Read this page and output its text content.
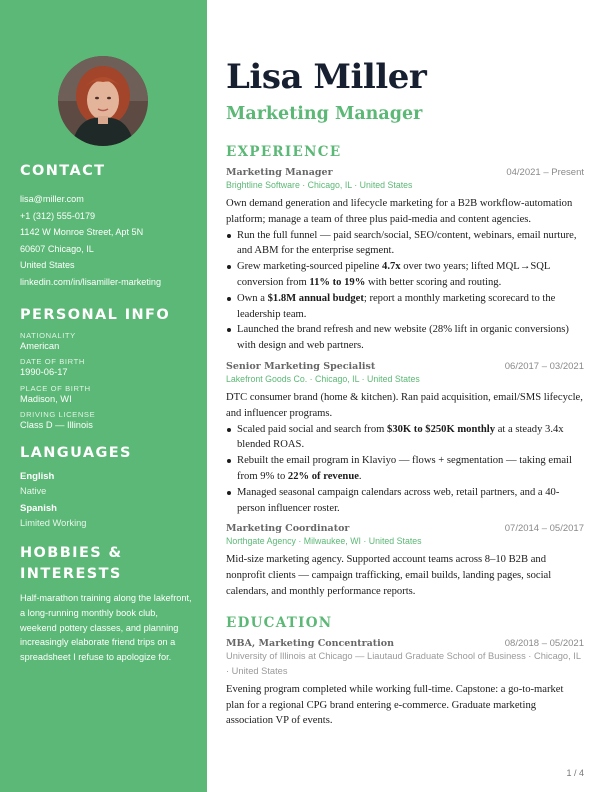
CONTACT
lisa@miller.com
+1 (312) 555-0179
1142 W Monroe Street, Apt 5N
60607 Chicago, IL
United States
linkedin.com/in/lisamiller-marketing
PERSONAL INFO
NATIONALITY
American
DATE OF BIRTH
1990-06-17
PLACE OF BIRTH
Madison, WI
DRIVING LICENSE
Class D — Illinois
LANGUAGES
English
Native
Spanish
Limited Working
HOBBIES &
INTERESTS
Half-marathon training along the lakefront, a long-running monthly book club, weekend pottery classes, and planning increasingly elaborate friend trips on a spreadsheet I refuse to apologize for.
Lisa Miller
Marketing Manager
EXPERIENCE
Marketing Manager	04/2021 – Present
Brightline Software · Chicago, IL · United States
Own demand generation and lifecycle marketing for a B2B workflow-automation platform; manage a team of three plus paid-media and content agencies.
Run the full funnel — paid search/social, SEO/content, webinars, email nurture, and ABM for the enterprise segment.
Grew marketing-sourced pipeline 4.7x over two years; lifted MQL→SQL conversion from 11% to 19% with better scoring and routing.
Own a $1.8M annual budget; report a monthly marketing scorecard to the leadership team.
Launched the brand refresh and new website (28% lift in organic conversions) with design and web partners.
Senior Marketing Specialist	06/2017 – 03/2021
Lakefront Goods Co. · Chicago, IL · United States
DTC consumer brand (home & kitchen). Ran paid acquisition, email/SMS lifecycle, and influencer programs.
Scaled paid social and search from $30K to $250K monthly at a steady 3.4x blended ROAS.
Rebuilt the email program in Klaviyo — flows + segmentation — taking email from 9% to 22% of revenue.
Managed seasonal campaign calendars across web, retail partners, and a 40-person influencer roster.
Marketing Coordinator	07/2014 – 05/2017
Northgate Agency · Milwaukee, WI · United States
Mid-size marketing agency. Supported account teams across 8–10 B2B and nonprofit clients — campaign trafficking, email builds, landing pages, social calendars, and monthly performance reports.
EDUCATION
MBA, Marketing Concentration	08/2018 – 05/2021
University of Illinois at Chicago — Liautaud Graduate School of Business · Chicago, IL · United States
Evening program completed while working full-time. Capstone: a go-to-market plan for a regional CPG brand entering e-commerce. Graduate marketing association VP of events.
1 / 4
